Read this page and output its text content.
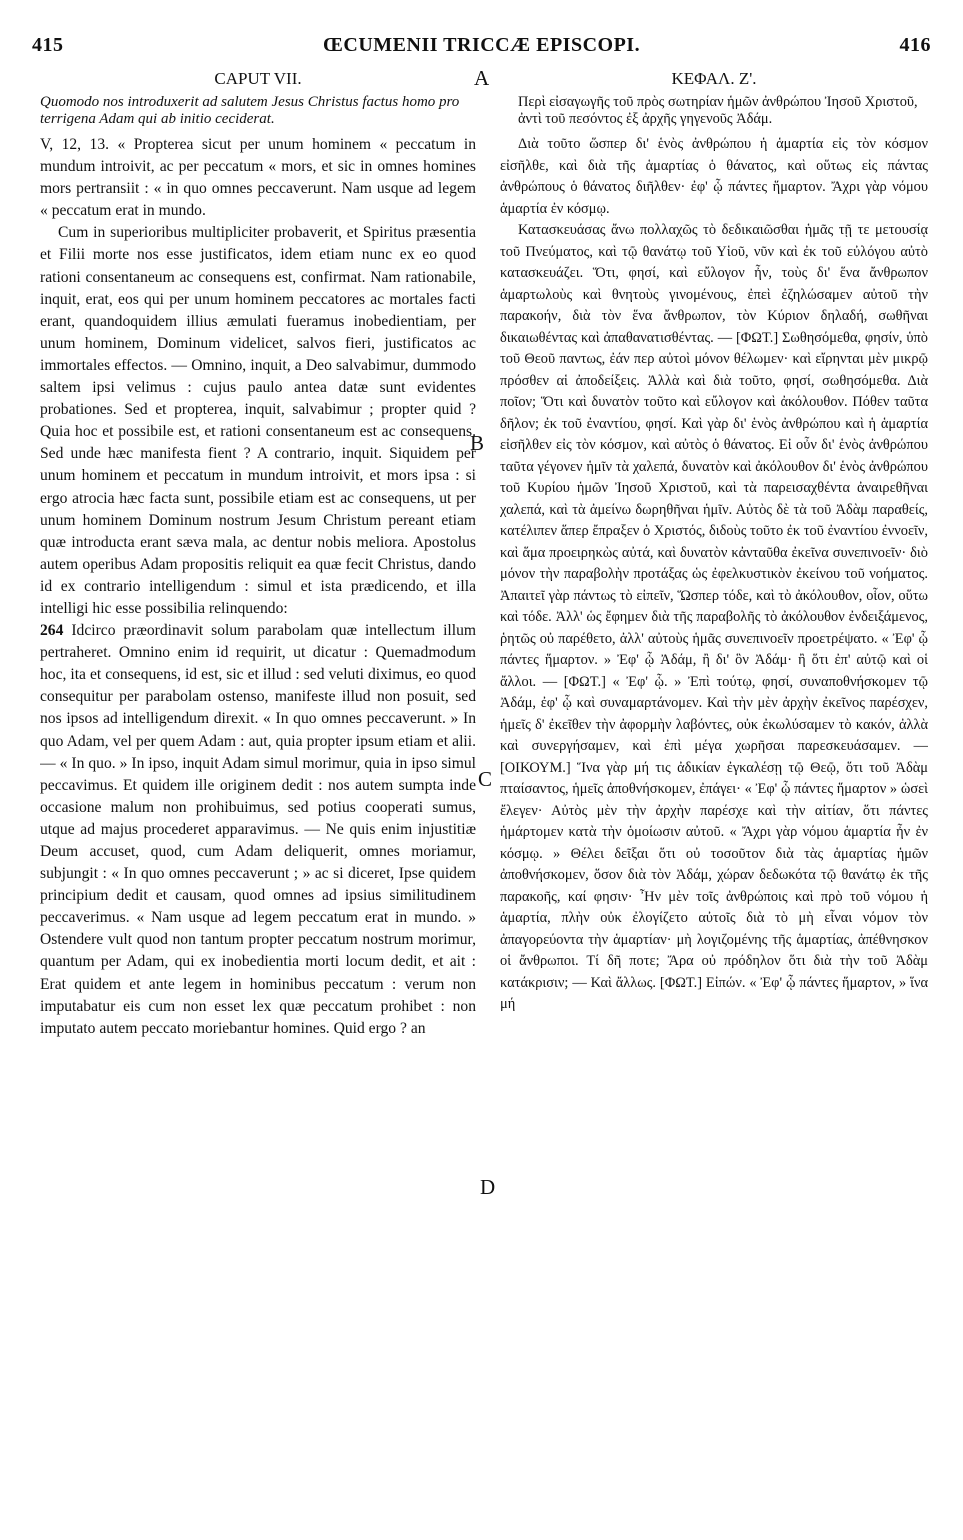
415	ŒCUMENII TRICCÆ EPISCOPI.	416
A
B
C
D
CAPUT VII.

Quomodo nos introduxerit ad salutem Jesus Christus factus homo pro terrigena Adam qui ab initio ceciderat.

V, 12, 13. « Propterea sicut per unum hominem « peccatum in mundum introivit, ac per peccatum « mors, et sic in omnes homines mors pertransiit : « in quo omnes peccaverunt. Nam usque ad legem « peccatum erat in mundo.

Cum in superioribus multipliciter probaverit, et Spiritus præsentia et Filii morte nos esse justificatos, idem etiam nunc ex eo quod rationi consentaneum ac consequens est, confirmat. Nam rationabile, inquit, erat, eos qui per unum hominem peccatores ac mortales facti erant, quandoquidem illius æmulati fueramus inobedientiam, per unum hominem, Dominum videlicet, salvos fieri, justificatos ac immortales effectos. — Omnino, inquit, a Deo salvabimur, dummodo saltem ipsi velimus : cujus paulo antea datæ sunt evidentes probationes. Sed et propterea, inquit, salvabimur ; propter quid ? Quia hoc et possibile est, et rationi consentaneum est ac consequens. Sed unde hæc manifesta fient ? A contrario, inquit. Siquidem per unum hominem et peccatum in mundum introivit, et mors ipsa : si ergo atrocia hæc facta sunt, possibile etiam est ac consequens, ut per unum hominem Dominum nostrum Jesum Christum pereant etiam quæ introducta erant sæva mala, ac dentur nobis meliora. Apostolus autem operibus Adam propositis reliquit ea quæ fecit Christus, dando id ex contrario intelligendum : simul et ista prædicendo, et illa intelligi hic esse possibilia relinquendo:

264 Idcirco præordinavit solum parabolam quæ intellectum illum pertraheret. Omnino enim id requirit, ut dicatur : Quemadmodum hoc, ita et consequens, id est, sic et illud : sed veluti diximus, eo quod consequitur per parabolam ostenso, manifeste illud non posuit, sed nos ipsos ad intelligendum direxit. « In quo omnes peccaverunt. » In quo Adam, vel per quem Adam : aut, quia propter ipsum etiam et alii. — « In quo. » In ipso, inquit Adam simul morimur, quia in ipso simul peccavimus. Et quidem ille originem dedit : nos autem sumpta inde occasione malum non prohibuimus, sed potius cooperati sumus, utque ad majus procederet apparavimus. — Ne quis enim injustitiæ Deum accuset, quod, cum Adam deliquerit, omnes moriamur, subjungit : « In quo omnes peccaverunt ; » ac si diceret, Ipse quidem principium dedit et causam, quod omnes ad ipsius similitudinem peccaverimus. « Nam usque ad legem peccatum erat in mundo. » Ostendere vult quod non tantum propter peccatum nostrum morimur, quantum per Adam, qui ex inobedientia morti locum dedit, et ait : Erat quidem et ante legem in hominibus peccatum : verum non imputabatur eis cum non esset lex quæ peccatum prohibet : non imputato autem peccato moriebantur homines. Quid ergo ? an

ΚΕΦΑΛ. Ζ'.

Περὶ εἰσαγωγῆς τοῦ πρὸς σωτηρίαν ἡμῶν ἀνθρώπου Ἰησοῦ Χριστοῦ, ἀντὶ τοῦ πεσόντος ἐξ ἀρχῆς γηγενοῦς Ἀδάμ.

Διὰ τοῦτο ὥσπερ δι' ἑνὸς ἀνθρώπου ἡ ἁμαρτία εἰς τὸν κόσμον εἰσῆλθε, καὶ διὰ τῆς ἁμαρτίας ὁ θάνατος, καὶ οὕτως εἰς πάντας ἀνθρώπους ὁ θάνατος διῆλθεν· ἐφ' ᾧ πάντες ἥμαρτον. Ἄχρι γὰρ νόμου ἁμαρτία ἐν κόσμῳ.

Κατασκευάσας ἄνω πολλαχῶς τὸ δεδικαιῶσθαι ἡμᾶς τῇ τε μετουσίᾳ τοῦ Πνεύματος, καὶ τῷ θανάτῳ τοῦ Υἱοῦ, νῦν καὶ ἐκ τοῦ εὐλόγου αὐτὸ κατασκευάζει. Ὅτι, φησί, καὶ εὔλογον ἦν, τοὺς δι' ἕνα ἄνθρωπον ἁμαρτωλοὺς καὶ θνητοὺς γινομένους, ἐπεὶ ἐζηλώσαμεν αὐτοῦ τὴν παρακοήν, διὰ τὸν ἕνα ἄνθρωπον, τὸν Κύριον δηλαδή, σωθῆναι δικαιωθέντας καὶ ἀπαθανατισθέντας. — [ΦΩΤ.] Σωθησόμεθα, φησίν, ὑπὸ τοῦ Θεοῦ παντως, ἐάν περ αὐτοὶ μόνον θέλωμεν· καὶ εἴρηνται μὲν μικρῷ πρόσθεν αἱ ἀποδείξεις. Ἀλλὰ καὶ διὰ τοῦτο, φησί, σωθησόμεθα. Διὰ ποῖον; Ὅτι καὶ δυνατὸν τοῦτο καὶ εὔλογον καὶ ἀκόλουθον. Πόθεν ταῦτα δῆλον; ἐκ τοῦ ἐναντίου, φησί. Καὶ γὰρ δι' ἑνὸς ἀνθρώπου καὶ ἡ ἁμαρτία εἰσῆλθεν εἰς τὸν κόσμον, καὶ αὐτὸς ὁ θάνατος. Εἰ οὖν δι' ἑνὸς ἀνθρώπου ταῦτα γέγονεν ἡμῖν τὰ χαλεπά, δυνατὸν καὶ ἀκόλουθον δι' ἑνὸς ἀνθρώπου τοῦ Κυρίου ἡμῶν Ἰησοῦ Χριστοῦ, καὶ τὰ παρεισαχθέντα ἀναιρεθῆναι χαλεπά, καὶ τὰ ἀμείνω δωρηθῆναι ἡμῖν. Αὐτὸς δὲ τὰ τοῦ Ἀδὰμ παραθείς, κατέλιπεν ἅπερ ἔπραξεν ὁ Χριστός, διδοὺς τοῦτο ἐκ τοῦ ἐναντίου ἐννοεῖν, καὶ ἅμα προειρηκὼς αὐτά, καὶ δυνατὸν κἀνταῦθα ἐκεῖνα συνεπινοεῖν· διὸ μόνον τὴν παραβολὴν προτάξας ὡς ἐφελκυστικὸν ἐκείνου τοῦ νοήματος. Ἀπαιτεῖ γὰρ πάντως τὸ εἰπεῖν, Ὥσπερ τόδε, καὶ τὸ ἀκόλουθον, οἷον, οὕτω καὶ τόδε. Ἀλλ' ὡς ἔφημεν διὰ τῆς παραβολῆς τὸ ἀκόλουθον ἐνδειξάμενος, ῥητῶς οὐ παρέθετο, ἀλλ' αὐτοὺς ἡμᾶς συνεπινοεῖν προετρέψατο. « Ἐφ' ᾧ πάντες ἥμαρτον. » Ἐφ' ᾧ Ἀδάμ, ἢ δι' ὃν Ἀδάμ· ἢ ὅτι ἐπ' αὐτῷ καὶ οἱ ἄλλοι. — [ΦΩΤ.] « Ἐφ' ᾧ. » Ἐπὶ τούτῳ, φησί, συναποθνήσκομεν τῷ Ἀδάμ, ἐφ' ᾧ καὶ συναμαρτάνομεν. Καὶ τὴν μὲν ἀρχὴν ἐκεῖνος παρέσχεν, ἡμεῖς δ' ἐκεῖθεν τὴν ἀφορμὴν λαβόντες, οὐκ ἐκωλύσαμεν τὸ κακόν, ἀλλὰ καὶ συνεργήσαμεν, καὶ ἐπὶ μέγα χωρῆσαι παρεσκευάσαμεν. — [ΟΙΚΟΥΜ.] Ἵνα γὰρ μή τις ἀδικίαν ἐγκαλέσῃ τῷ Θεῷ, ὅτι τοῦ Ἀδὰμ πταίσαντος, ἡμεῖς ἀποθνήσκομεν, ἐπάγει· « Ἐφ' ᾧ πάντες ἥμαρτον » ὡσεὶ ἔλεγεν· Αὐτὸς μὲν τὴν ἀρχὴν παρέσχε καὶ τὴν αἰτίαν, ὅτι πάντες ἡμάρτομεν κατὰ τὴν ὁμοίωσιν αὐτοῦ. « Ἄχρι γὰρ νόμου ἁμαρτία ἦν ἐν κόσμῳ. » Θέλει δεῖξαι ὅτι οὐ τοσοῦτον διὰ τὰς ἁμαρτίας ἡμῶν ἀποθνήσκομεν, ὅσον διὰ τὸν Ἀδάμ, χώραν δεδωκότα τῷ θανάτῳ ἐκ τῆς παρακοῆς, καί φησιν· Ἦν μὲν τοῖς ἀνθρώποις καὶ πρὸ τοῦ νόμου ἡ ἁμαρτία, πλὴν οὐκ ἐλογίζετο αὐτοῖς διὰ τὸ μὴ εἶναι νόμον τὸν ἀπαγορεύοντα τὴν ἁμαρτίαν· μὴ λογιζομένης τῆς ἁμαρτίας, ἀπέθνησκον οἱ ἄνθρωποι. Τί δῆ ποτε; Ἄρα οὐ πρόδηλον ὅτι διὰ τὴν τοῦ Ἀδὰμ κατάκρισιν; — Καὶ ἄλλως. [ΦΩΤ.] Εἰπών. « Ἐφ' ᾧ πάντες ἥμαρτον, » ἵνα μή
